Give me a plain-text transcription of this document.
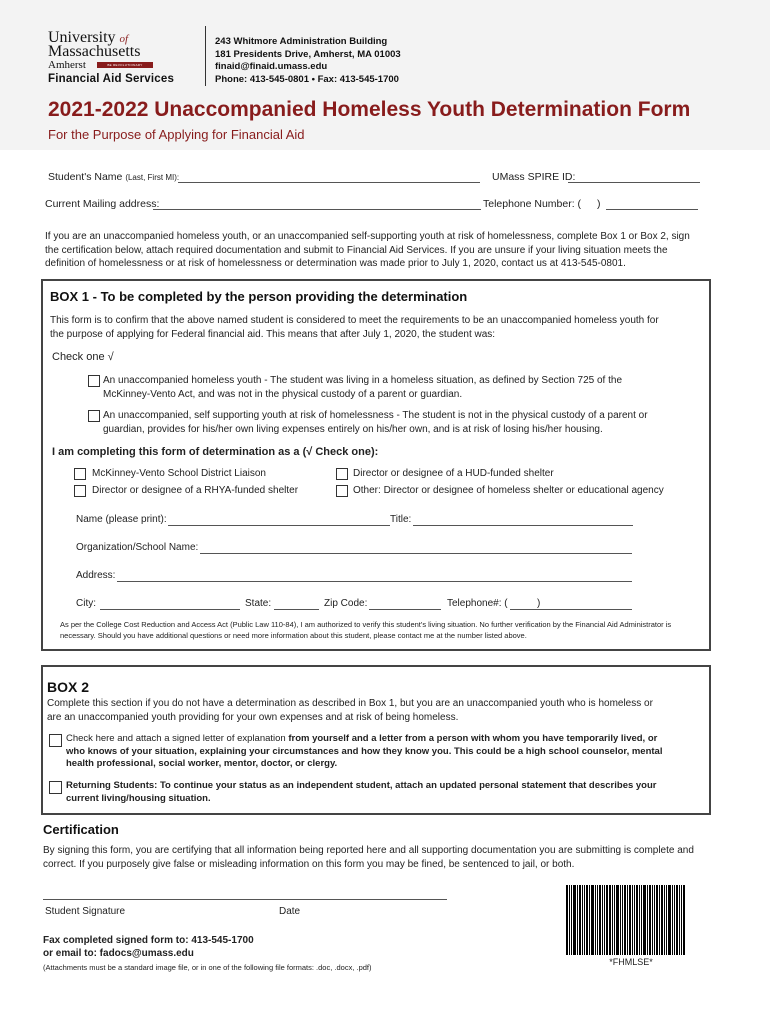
University of
Massachusetts
Amherst	BE REVOLUTIONARY
Financial Aid Services
243 Whitmore Administration Building
181 Presidents Drive, Amherst, MA 01003
finaid@finaid.umass.edu
Phone: 413-545-0801 • Fax: 413-545-1700
2021-2022 Unaccompanied Homeless Youth Determination Form
For the Purpose of Applying for Financial Aid
Student's Name (Last, First MI):	UMass SPIRE ID:
Current Mailing address:	Telephone Number: ( )
If you are an unaccompanied homeless youth, or an unaccompanied self-supporting youth at risk of homelessness, complete Box 1 or Box 2, sign the certification below, attach required documentation and submit to Financial Aid Services. If you are unsure if your living situation meets the definition of homelessness or at risk of homelessness or determination was made prior to July 1, 2020, contact us at 413-545-0801.
BOX 1 - To be completed by the person providing the determination
This form is to confirm that the above named student is considered to meet the requirements to be an unaccompanied homeless youth for the purpose of applying for Federal financial aid. This means that after July 1, 2020, the student was:
Check one √
An unaccompanied homeless youth - The student was living in a homeless situation, as defined by Section 725 of the McKinney-Vento Act, and was not in the physical custody of a parent or guardian.
An unaccompanied, self supporting youth at risk of homelessness - The student is not in the physical custody of a parent or guardian, provides for his/her own living expenses entirely on his/her own, and is at risk of losing his/her housing.
I am completing this form of determination as a (√ Check one):
McKinney-Vento School District Liaison
Director or designee of a RHYA-funded shelter
Director or designee of a HUD-funded shelter
Other: Director or designee of homeless shelter or educational agency
Name (please print):	Title:
Organization/School Name:
Address:
City:	State:	Zip Code:	Telephone#: (	)
As per the College Cost Reduction and Access Act (Public Law 110-84), I am authorized to verify this student's living situation. No further verification by the Financial Aid Administrator is necessary. Should you have additional questions or need more information about this student, please contact me at the number listed above.
BOX 2
Complete this section if you do not have a determination as described in Box 1, but you are an unaccompanied youth who is homeless or are an unaccompanied youth providing for your own expenses and at risk of being homeless.
Check here and attach a signed letter of explanation from yourself and a letter from a person with whom you have temporarily lived, or who knows of your situation, explaining your circumstances and how they know you. This could be a high school counselor, mental health professional, social worker, mentor, doctor, or clergy.
Returning Students: To continue your status as an independent student, attach an updated personal statement that describes your current living/housing situation.
Certification
By signing this form, you are certifying that all information being reported here and all supporting documentation you are submitting is complete and correct. If you purposely give false or misleading information on this form you may be fined, be sentenced to jail, or both.
Student Signature	Date
Fax completed signed form to: 413-545-1700
or email to: fadocs@umass.edu
(Attachments must be a standard image file, or in one of the following file formats: .doc, .docx, .pdf)
*FHMLSE*
